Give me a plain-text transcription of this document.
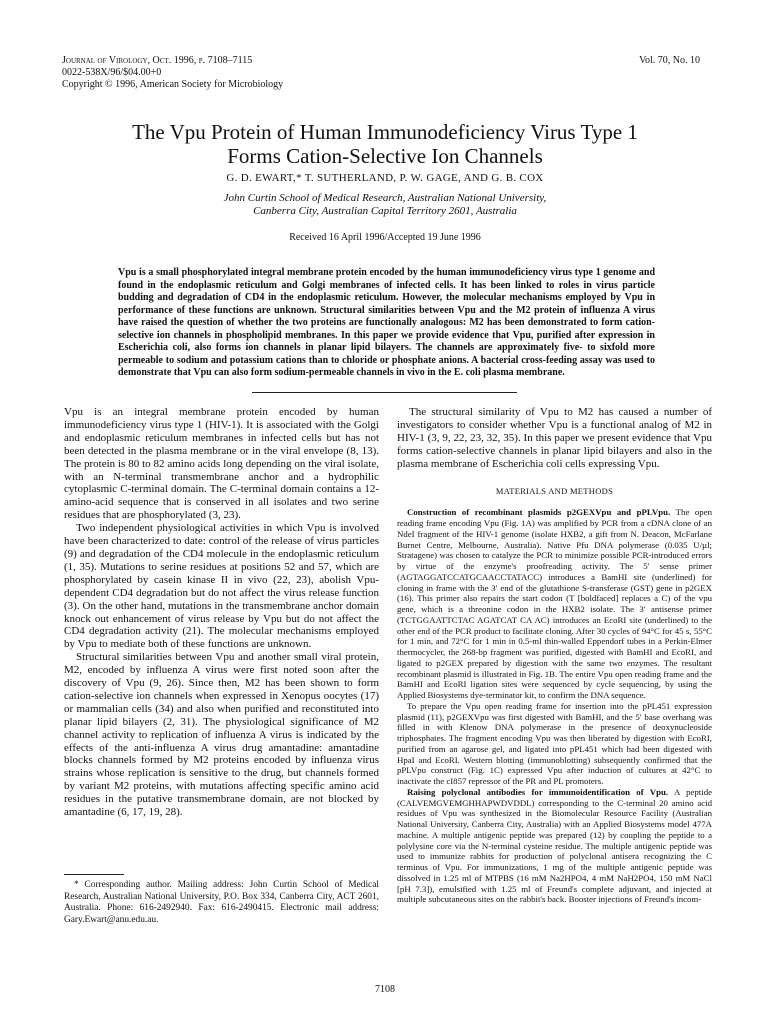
Journal of Virology, Oct. 1996, p. 7108–7115
0022-538X/96/$04.00+0
Copyright © 1996, American Society for Microbiology
Vol. 70, No. 10
The Vpu Protein of Human Immunodeficiency Virus Type 1
Forms Cation-Selective Ion Channels
G. D. EWART,* T. SUTHERLAND, P. W. GAGE, AND G. B. COX
John Curtin School of Medical Research, Australian National University,
Canberra City, Australian Capital Territory 2601, Australia
Received 16 April 1996/Accepted 19 June 1996
Vpu is a small phosphorylated integral membrane protein encoded by the human immunodeficiency virus type 1 genome and found in the endoplasmic reticulum and Golgi membranes of infected cells. It has been linked to roles in virus particle budding and degradation of CD4 in the endoplasmic reticulum. However, the molecular mechanisms employed by Vpu in performance of these functions are unknown. Structural similarities between Vpu and the M2 protein of influenza A virus have raised the question of whether the two proteins are functionally analogous: M2 has been demonstrated to form cation-selective ion channels in phospholipid membranes. In this paper we provide evidence that Vpu, purified after expression in Escherichia coli, also forms ion channels in planar lipid bilayers. The channels are approximately five- to sixfold more permeable to sodium and potassium cations than to chloride or phosphate anions. A bacterial cross-feeding assay was used to demonstrate that Vpu can also form sodium-permeable channels in vivo in the E. coli plasma membrane.

Vpu is an integral membrane protein encoded by human immunodeficiency virus type 1 (HIV-1). It is associated with the Golgi and endoplasmic reticulum membranes in infected cells but has not been detected in the plasma membrane or in the viral envelope (8, 13). The protein is 80 to 82 amino acids long depending on the viral isolate, with an N-terminal transmembrane anchor and a hydrophilic cytoplasmic C-terminal domain. The C-terminal domain contains a 12-amino-acid sequence that is conserved in all isolates and two serine residues that are phosphorylated (3, 23).

Two independent physiological activities in which Vpu is involved have been characterized to date: control of the release of virus particles (9) and degradation of the CD4 molecule in the endoplasmic reticulum (1, 35). Mutations to serine residues at positions 52 and 57, which are phosphorylated by casein kinase II in vivo (22, 23), abolish Vpu-dependent CD4 degradation but do not affect the virus release function (3). On the other hand, mutations in the transmembrane anchor domain knock out enhancement of virus release by Vpu but do not affect the CD4 degradation activity (21). The molecular mechanisms employed by Vpu to mediate both of these functions are unknown.

Structural similarities between Vpu and another small viral protein, M2, encoded by influenza A virus were first noted soon after the discovery of Vpu (9, 26). Since then, M2 has been shown to form cation-selective ion channels when expressed in Xenopus oocytes (17) or mammalian cells (34) and also when purified and reconstituted into planar lipid bilayers (2, 31). The physiological significance of M2 channel activity to replication of influenza A virus is indicated by the effects of the anti-influenza A virus drug amantadine: amantadine blocks channels formed by M2 proteins encoded by influenza virus strains whose replication is sensitive to the drug, but channels formed by variant M2 proteins, with mutations affecting specific amino acid residues in the putative transmembrane domain, are not blocked by amantadine (6, 17, 19, 28).

The structural similarity of Vpu to M2 has caused a number of investigators to consider whether Vpu is a functional analog of M2 in HIV-1 (3, 9, 22, 23, 32, 35). In this paper we present evidence that Vpu forms cation-selective channels in planar lipid bilayers and also in the plasma membrane of Escherichia coli cells expressing Vpu.

MATERIALS AND METHODS

Construction of recombinant plasmids p2GEXVpu and pPLVpu. The open reading frame encoding Vpu (Fig. 1A) was amplified by PCR from a cDNA clone of an NdeI fragment of the HIV-1 genome (isolate HXB2, a gift from N. Deacon, McFarlane Burnet Centre, Melbourne, Australia). Native Pfu DNA polymerase (0.035 U/µl; Stratagene) was chosen to catalyze the PCR to minimize possible PCR-introduced errors by virtue of the enzyme's proofreading activity. The 5′ sense primer (AGTAGGATCCATGCAACCTATACC) introduces a BamHI site (underlined) for cloning in frame with the 3′ end of the glutathione S-transferase (GST) gene in p2GEX (16). This primer also repairs the start codon (T [boldfaced] replaces a C) of the vpu gene, which is a threonine codon in the HXB2 isolate. The 3′ antisense primer (TCTGGAATTCTAC AGATCAT CA AC) introduces an EcoRI site (underlined) to the other end of the PCR product to facilitate cloning. After 30 cycles of 94°C for 45 s, 55°C for 1 min, and 72°C for 1 min in 0.5-ml thin-walled Eppendorf tubes in a Perkin-Elmer thermocycler, the 268-bp fragment was purified, digested with BamHI and EcoRI, and ligated to p2GEX prepared by digestion with the same two enzymes. The resultant recombinant plasmid is illustrated in Fig. 1B. The entire Vpu open reading frame and the BamHI and EcoRI ligation sites were sequenced by cycle sequencing, by using the Applied Biosystems dye-terminator kit, to confirm the DNA sequence.

To prepare the Vpu open reading frame for insertion into the pPL451 expression plasmid (11), p2GEXVpu was first digested with BamHI, and the 5′ base overhang was filled in with Klenow DNA polymerase in the presence of deoxynucleoside triphosphates. The fragment encoding Vpu was then liberated by digestion with EcoRI, purified from an agarose gel, and ligated into pPL451 which had been digested with HpaI and EcoRI. Western blotting (immunoblotting) subsequently confirmed that the pPLVpu construct (Fig. 1C) expressed Vpu after induction of cultures at 42°C to inactivate the cI857 repressor of the PR and PL promoters.

Raising polyclonal antibodies for immunoidentification of Vpu. A peptide (CALVEMGVEMGHHAPWDVDDL) corresponding to the C-terminal 20 amino acid residues of Vpu was synthesized in the Biomolecular Resource Facility (Australian National University, Canberra City, Australia) with an Applied Biosystems model 477A machine. A multiple antigenic peptide was prepared (12) by coupling the peptide to a polylysine core via the N-terminal cysteine residue. The multiple antigenic peptide was used to immunize rabbits for production of polyclonal antisera recognizing the C terminus of Vpu. For immunizations, 1 mg of the multiple antigenic peptide was dissolved in 1.25 ml of MTPBS (16 mM Na2HPO4, 4 mM NaH2PO4, 150 mM NaCl [pH 7.3]), emulsified with 1.25 ml of Freund's complete adjuvant, and injected at multiple subcutaneous sites on the rabbit's back. Booster injections of Freund's incom-

* Corresponding author. Mailing address: John Curtin School of Medical Research, Australian National University, P.O. Box 334, Canberra City, ACT 2601, Australia. Phone: 616-2492940. Fax: 616-2490415. Electronic mail address: Gary.Ewart@anu.edu.au.
7108
